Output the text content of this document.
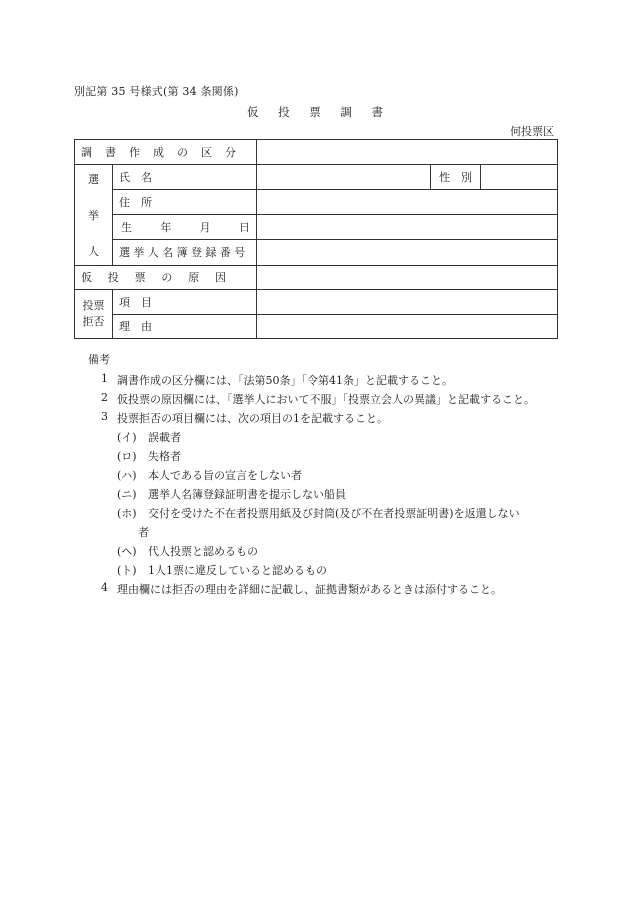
別記第 35 号様式(第 34 条関係)
仮 投 票 調 書
何投票区
調　書　作　成　の　区　分				

選
挙
人	氏　名		性　別	

	住　所			

	生 年 月 日			

	選挙人名簿登録番号			
仮　投　票　の　原　因				

投票拒否	項　目			

	理　由			

備考
1 調書作成の区分欄には、「法第50条」「令第41条」と記載すること。
2 仮投票の原因欄には、「選挙人において不服」「投票立会人の異議」と記載すること。
3 投票拒否の項目欄には、次の項目の1を記載すること。
(イ) 誤載者
(ロ) 失格者
(ハ) 本人である旨の宣言をしない者
(ニ) 選挙人名簿登録証明書を提示しない船員
(ホ) 交付を受けた不在者投票用紙及び封筒(及び不在者投票証明書)を返還しない
者
(ヘ) 代人投票と認めるもの
(ト) 1人1票に違反していると認めるもの
4 理由欄には拒否の理由を詳細に記載し、証拠書類があるときは添付すること。
